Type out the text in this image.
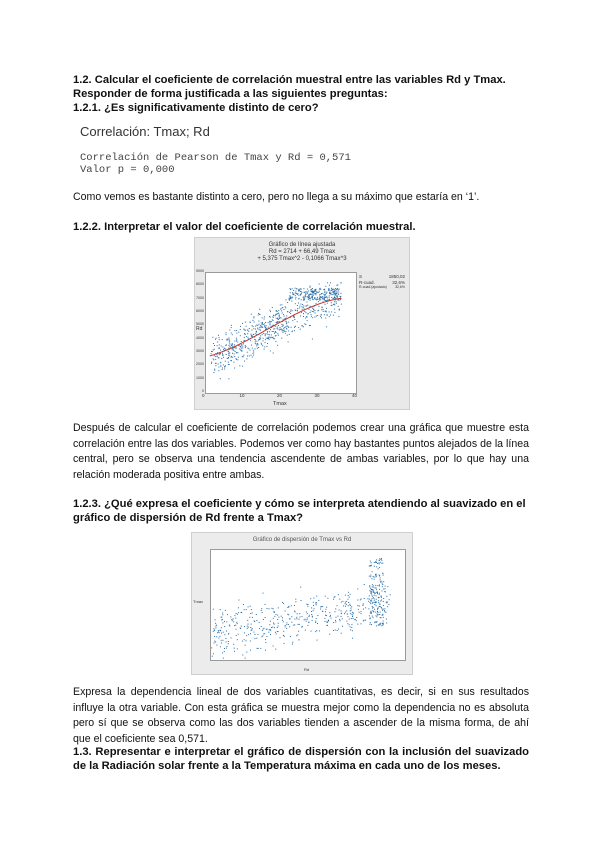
1.2. Calcular el coeficiente de correlación muestral entre las variables Rd y Tmax.
Responder de forma justificada a las siguientes preguntas:
1.2.1. ¿Es significativamente distinto de cero?
Correlación: Tmax; Rd
Correlación de Pearson de Tmax y Rd = 0,571
Valor p = 0,000
Como vemos es bastante distinto a cero, pero no llega a su máximo que estaría en ‘1’.
1.2.2. Interpretar el valor del coeficiente de correlación muestral.
Gráfico de línea ajustada
Rd = 2714 + 66,49 Tmax
+ 5,375 Tmax^2 - 0,1066 Tmax^3
0
1000
2000
3000
4000
5000
6000
7000
8000
9000
0	10	20	30	40
Rd
Tmax
S	1850,02
R-cuad.	32,6%
R-cuad.(ajustado) 32,6%
Después de calcular el coeficiente de correlación podemos crear una gráfica que muestre esta correlación entre las dos variables. Podemos ver como hay bastantes puntos alejados de la línea central, pero se observa una tendencia ascendente de ambas variables, por lo que hay una relación moderada positiva entre ambas.
1.2.3. ¿Qué expresa el coeficiente y cómo se interpreta atendiendo al suavizado en el
gráfico de dispersión de Rd frente a Tmax?
Gráfico de dispersión de Tmax vs Rd
Rd
Tmax
Expresa la dependencia lineal de dos variables cuantitativas, es decir, si en sus resultados influye la otra variable. Con esta gráfica se muestra mejor como la dependencia no es absoluta pero sí que se observa como las dos variables tienden a ascender de la misma forma, de ahí que el coeficiente sea 0,571.
1.3. Representar e interpretar el gráfico de dispersión con la inclusión del suavizado de la Radiación solar frente a la Temperatura máxima en cada uno de los meses.
